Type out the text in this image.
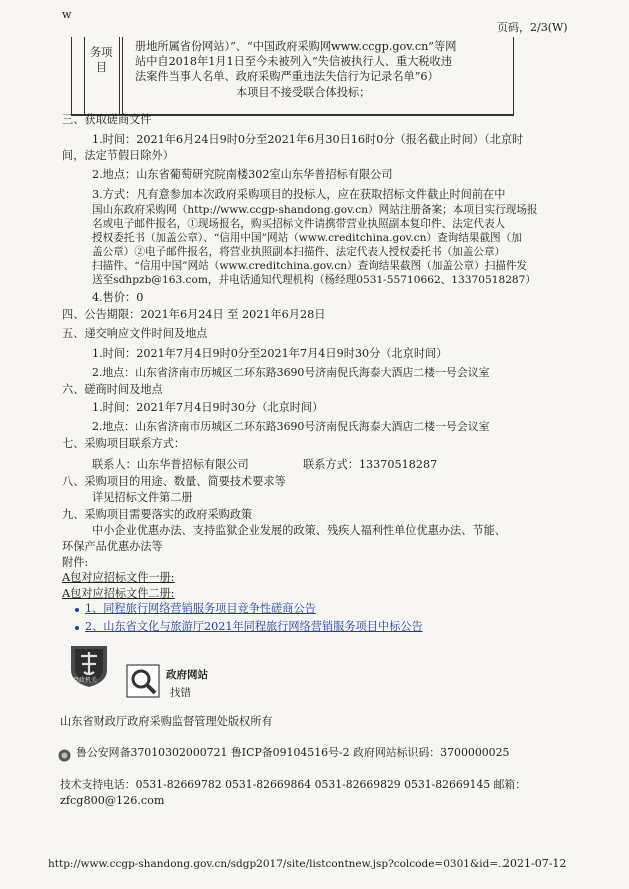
w
页码，2/3(W)
务项
目
册地所属省份网站）”、“中国政府采购网www.ccgp.gov.cn”等网
站中自2018年1月1日至今未被列入“失信被执行人、重大税收违
法案件当事人名单、政府采购严重违法失信行为记录名单”6）
本项目不接受联合体投标；
三、获取磋商文件
1.时间：2021年6月24日9时0分至2021年6月30日16时0分（报名截止时间）（北京时
间，法定节假日除外）
2.地点：山东省葡萄研究院南楼302室山东华普招标有限公司
3.方式：凡有意参加本次政府采购项目的投标人，应在获取招标文件截止时间前在中
国山东政府采购网（http://www.ccgp-shandong.gov.cn）网站注册备案；本项目实行现场报
名或电子邮件报名，①现场报名，购买招标文件请携带营业执照副本复印件、法定代表人
授权委托书（加盖公章）、“信用中国”网站（www.creditchina.gov.cn）查询结果截图（加
盖公章）②电子邮件报名，将营业执照副本扫描件、法定代表人授权委托书（加盖公章）
扫描件、“信用中国”网站（www.creditchina.gov.cn）查询结果截图（加盖公章）扫描件发
送至sdhpzb@163.com，并电话通知代理机构（杨经理0531-55710662、13370518287）
4.售价：0
四、公告期限：2021年6月24日 至 2021年6月28日
五、递交响应文件时间及地点
1.时间：2021年7月4日9时0分至2021年7月4日9时30分（北京时间）
2.地点：山东省济南市历城区二环东路3690号济南倪氏海泰大酒店二楼一号会议室
六、磋商时间及地点
1.时间：2021年7月4日9时30分（北京时间）
2.地点：山东省济南市历城区二环东路3690号济南倪氏海泰大酒店二楼一号会议室
七、采购项目联系方式：
联系人：山东华普招标有限公司	联系方式：13370518287
八、采购项目的用途、数量、简要技术要求等
详见招标文件第二册
九、采购项目需要落实的政府采购政策
中小企业优惠办法、支持监狱企业发展的政策、残疾人福利性单位优惠办法、节能、
环保产品优惠办法等
附件:
A包对应招标文件一册:
A包对应招标文件二册:
1、同程旅行网络营销服务项目竞争性磋商公告
2、山东省文化与旅游厅2021年同程旅行网络营销服务项目中标公告
党政机关	政府网站
找错
山东省财政厅政府采购监督管理处版权所有
鲁公安网备37010302000721 鲁ICP备09104516号-2 政府网站标识码：3700000025
技术支持电话：0531-82669782 0531-82669864 0531-82669829 0531-82669145 邮箱：
zfcg800@126.com
http://www.ccgp-shandong.gov.cn/sdgp2017/site/listcontnew.jsp?colcode=0301&id=...
2021-07-12
